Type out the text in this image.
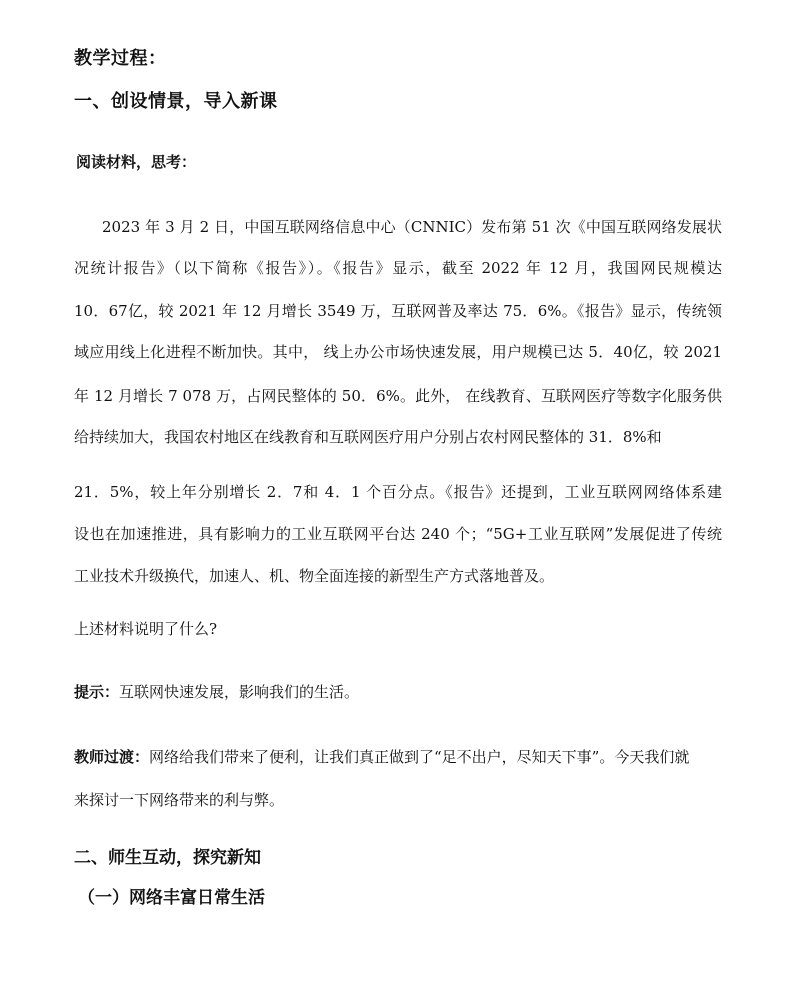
教学过程：
一、创设情景，导入新课
阅读材料，思考：
2023 年 3 月 2 日，中国互联网络信息中心（CNNIC）发布第 51 次《中国互联网络发展状
况统计报告》（以下简称《报告》）。《报告》显示，截至 2022 年 12 月，我国网民规模达
10．67亿，较 2021 年 12 月增长 3549 万，互联网普及率达 75．6%。《报告》显示，传统领
域应用线上化进程不断加快。其中， 线上办公市场快速发展，用户规模已达 5．40亿，较 2021
年 12 月增长 7 078 万，占网民整体的 50．6%。此外， 在线教育、互联网医疗等数字化服务供
给持续加大，我国农村地区在线教育和互联网医疗用户分别占农村网民整体的 31．8%和
21．5%，较上年分别增长 2．7和 4．1 个百分点。《报告》还提到，工业互联网网络体系建
设也在加速推进，具有影响力的工业互联网平台达 240 个；“5G+工业互联网”发展促进了传统
工业技术升级换代，加速人、机、物全面连接的新型生产方式落地普及。
上述材料说明了什么?
提示：互联网快速发展，影响我们的生活。
教师过渡：网络给我们带来了便利，让我们真正做到了“足不出户，尽知天下事”。今天我们就
来探讨一下网络带来的利与弊。
二、师生互动，探究新知
（一）网络丰富日常生活
